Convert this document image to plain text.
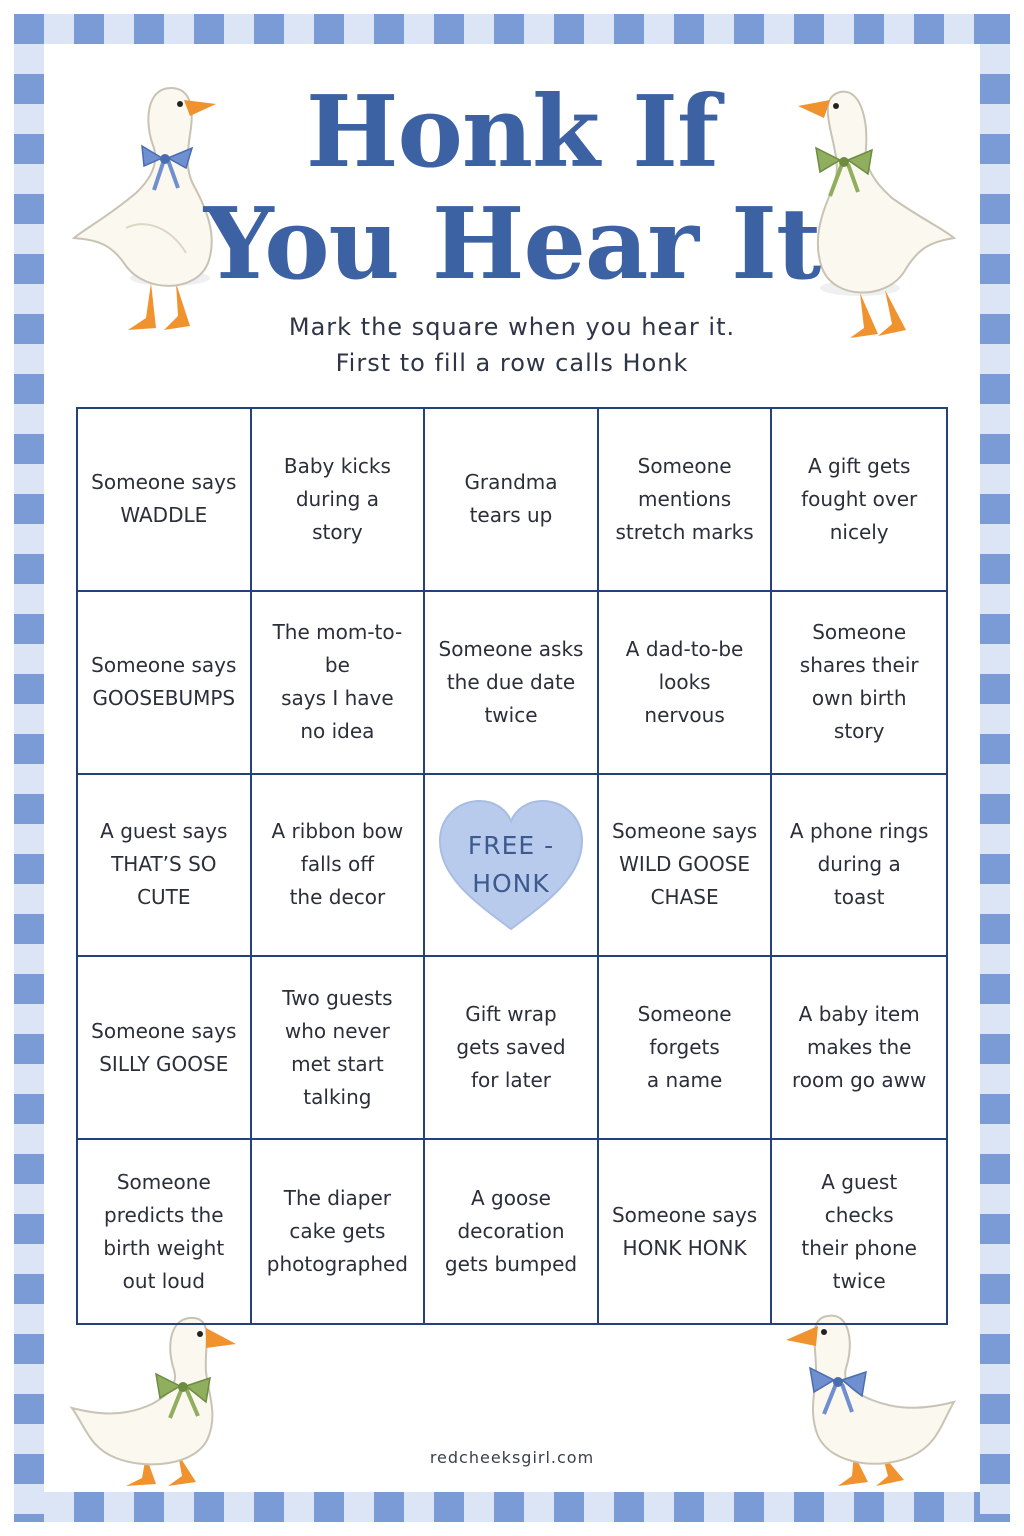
Honk If
You Hear It
Mark the square when you hear it.
First to fill a row calls Honk
Someone says
WADDLE
Baby kicks
during a
story
Grandma
tears up
Someone
mentions
stretch marks
A gift gets
fought over
nicely
Someone says
GOOSEBUMPS
The mom-to-be
says I have
no idea
Someone asks
the due date
twice
A dad-to-be
looks
nervous
Someone
shares their
own birth story
A guest says
THAT’S SO CUTE
A ribbon bow
falls off
the decor
FREE -
HONK
Someone says
WILD GOOSE
CHASE
A phone rings
during a
toast
Someone says
SILLY GOOSE
Two guests
who never
met start
talking
Gift wrap
gets saved
for later
Someone
forgets
a name
A baby item
makes the
room go aww
Someone
predicts the
birth weight
out loud
The diaper
cake gets
photographed
A goose
decoration
gets bumped
Someone says
HONK HONK
A guest checks
their phone
twice
redcheeksgirl.com
